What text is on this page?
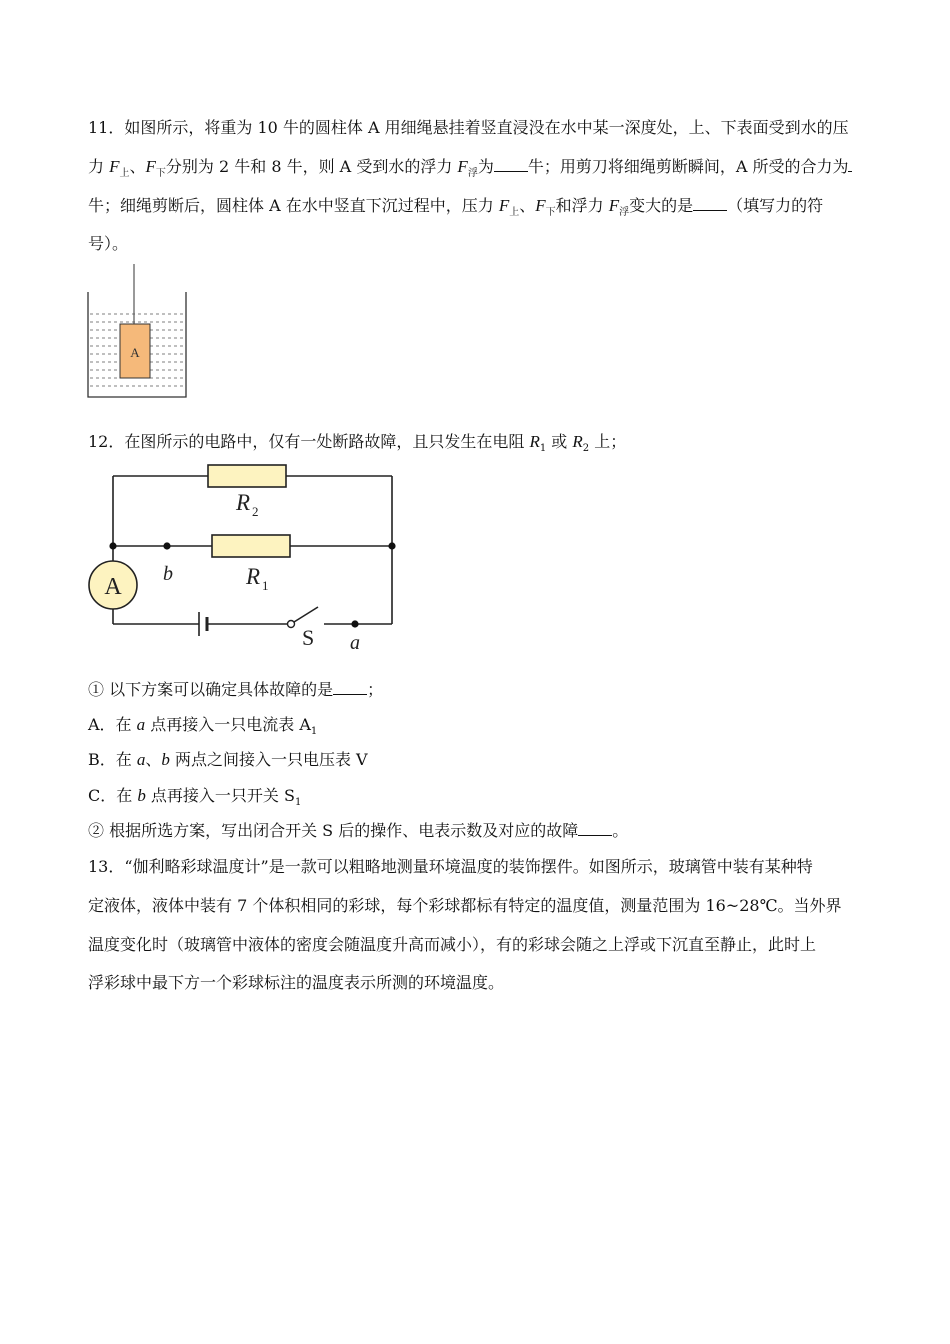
11．如图所示，将重为 10 牛的圆柱体 A 用细绳悬挂着竖直浸没在水中某一深度处，上、下表面受到水的压
力 $F_上$、$F_下$分别为 2 牛和 8 牛，则 A 受到水的浮力 $F_浮$为 牛；用剪刀将细绳剪断瞬间，A 所受的合力为
牛；细绳剪断后，圆柱体 A 在水中竖直下沉过程中，压力 $F_上$、$F_下$和浮力 $F_浮$变大的是 （填写力的符
号）。
A
12．在图所示的电路中，仅有一处断路故障，且只发生在电阻 $R_1$ 或 $R_2$ 上；
A
R 2
R 1
b
S a
① 以下方案可以确定具体故障的是 ；
A．在 a 点再接入一只电流表 $A_1$
B．在 a、b 两点之间接入一只电压表 V
C．在 b 点再接入一只开关 $S_1$
② 根据所选方案，写出闭合开关 S 后的操作、电表示数及对应的故障 。
13．“伽利略彩球温度计”是一款可以粗略地测量环境温度的装饰摆件。如图所示，玻璃管中装有某种特
定液体，液体中装有 7 个体积相同的彩球，每个彩球都标有特定的温度值，测量范围为 16~28℃。当外界
温度变化时（玻璃管中液体的密度会随温度升高而减小），有的彩球会随之上浮或下沉直至静止，此时上
浮彩球中最下方一个彩球标注的温度表示所测的环境温度。
